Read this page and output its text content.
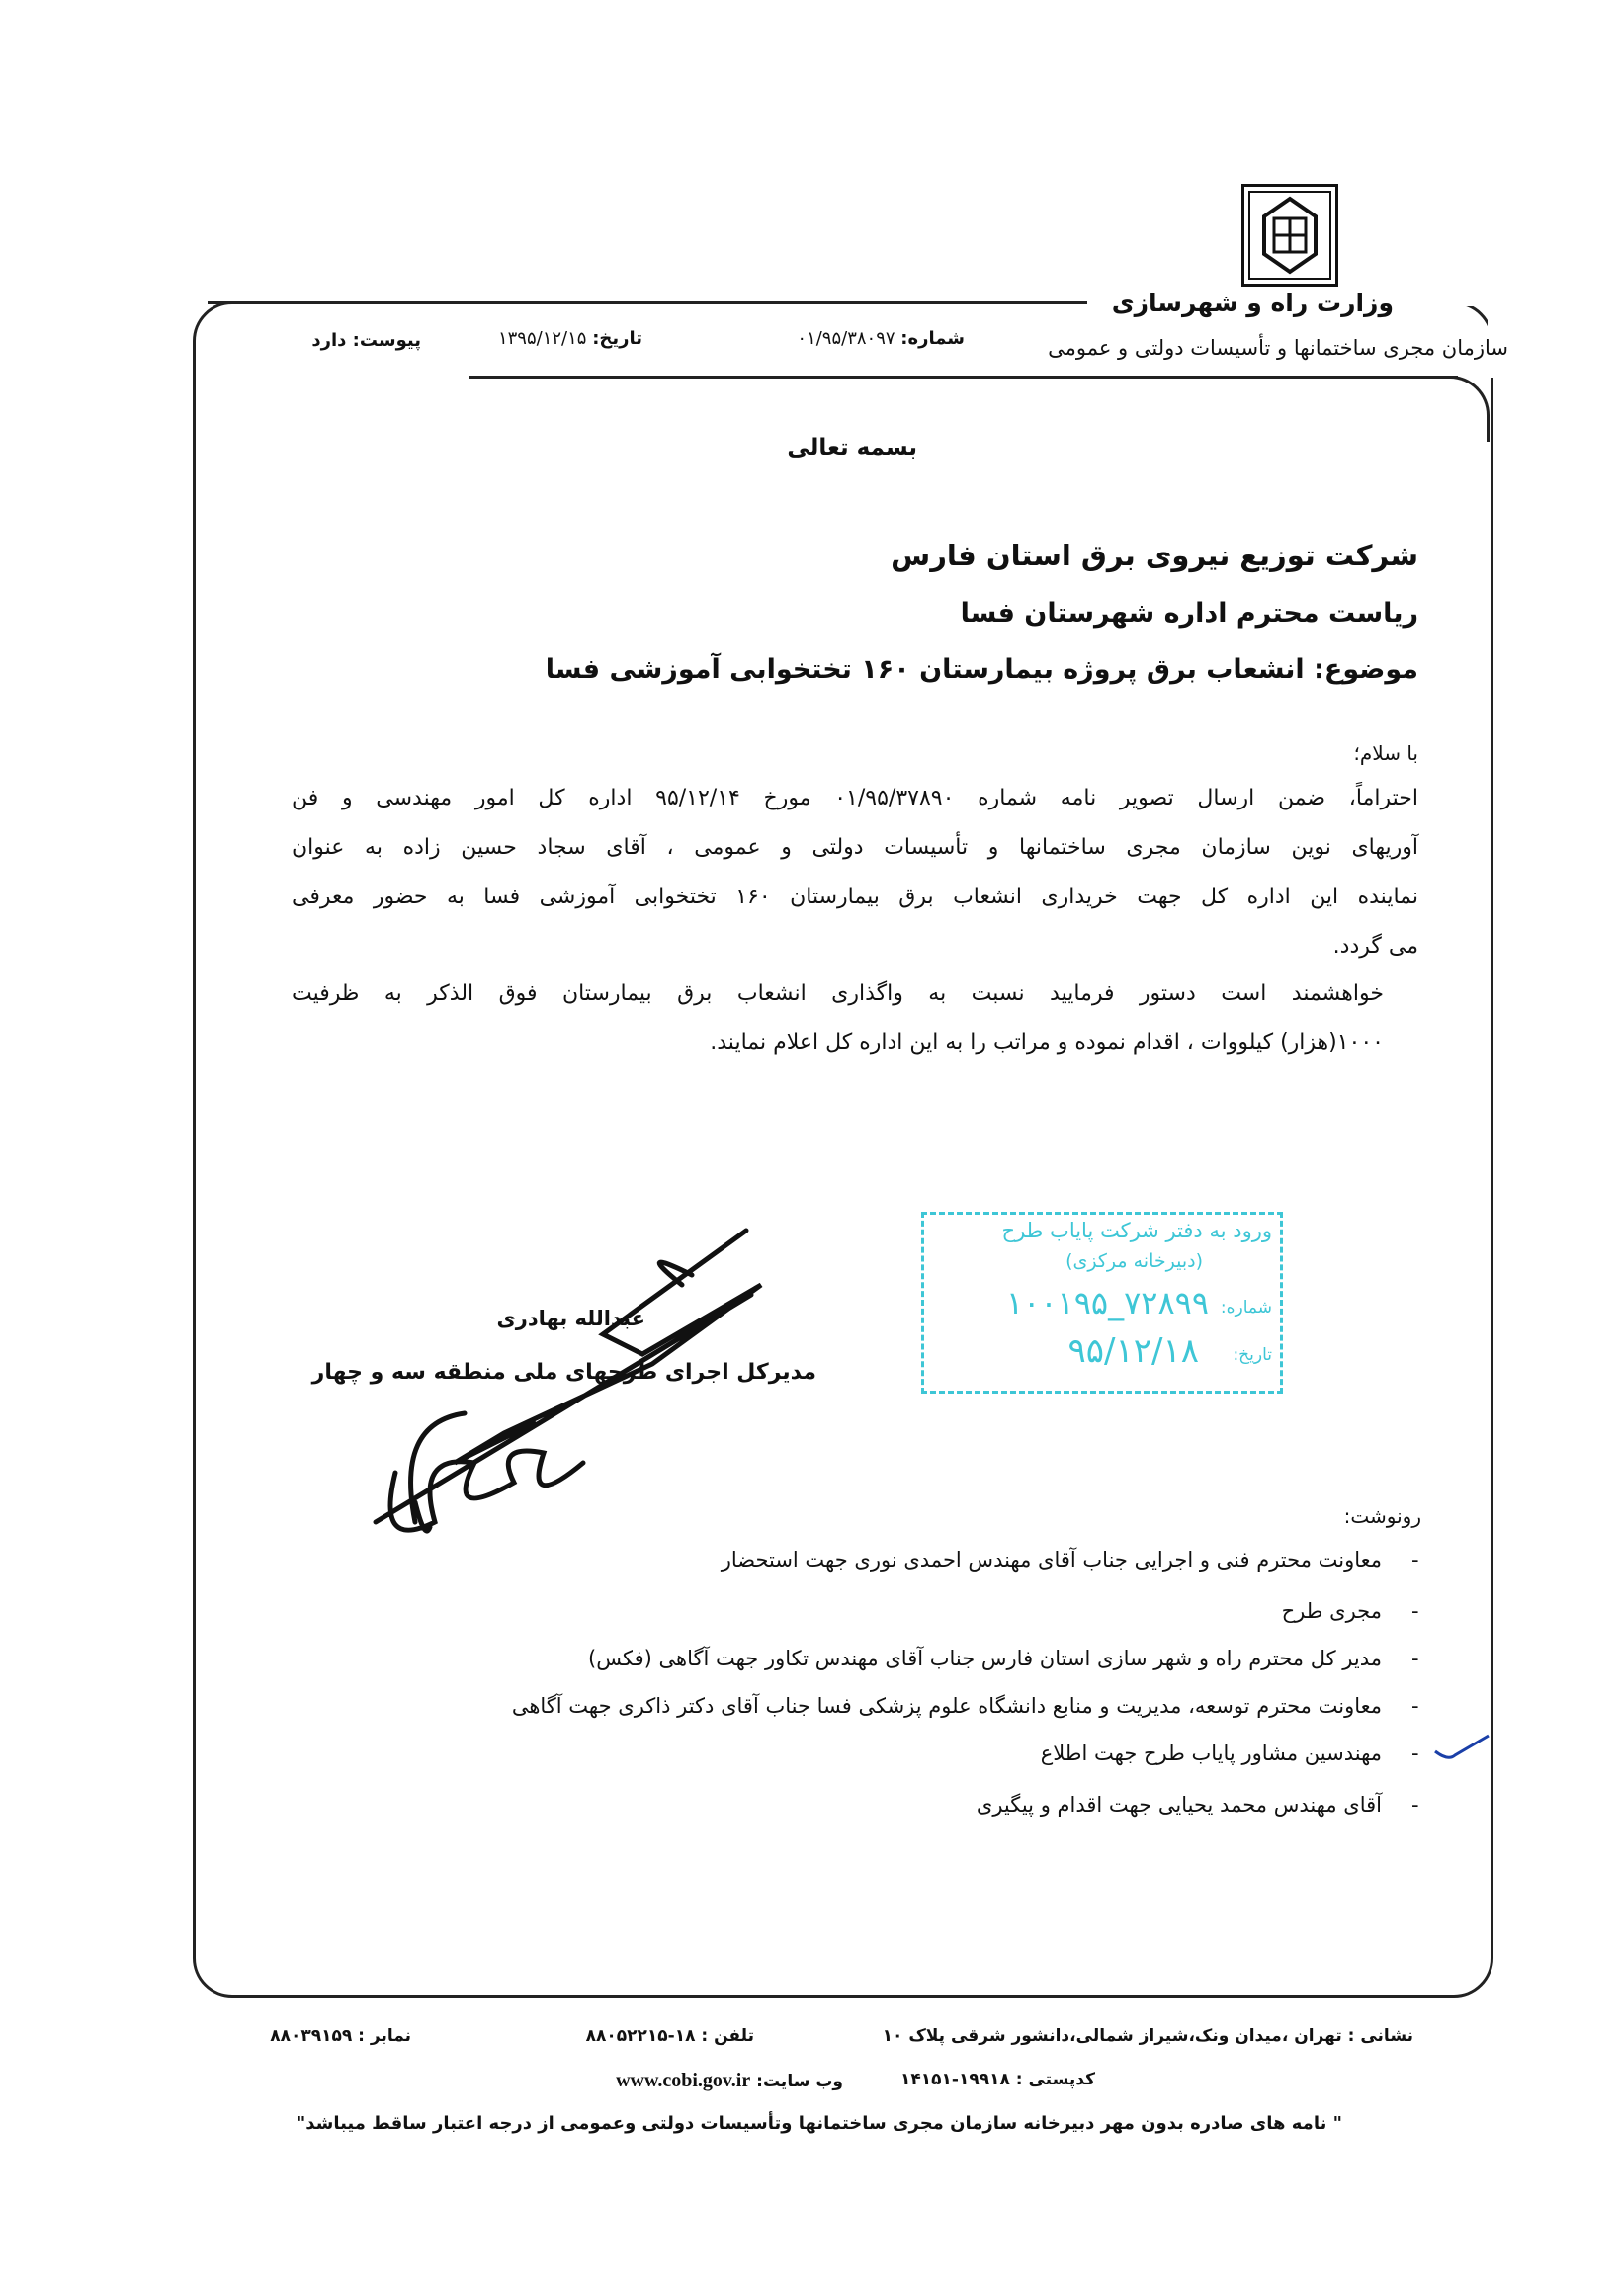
وزارت راه و شهرسازی
سازمان مجری ساختمانها و تأسیسات دولتی و عمومی
شماره: ۰۱/۹۵/۳۸۰۹۷
تاریخ: ۱۳۹۵/۱۲/۱۵
پیوست: دارد
بسمه تعالی
شرکت توزیع نیروی برق استان فارس
ریاست محترم اداره شهرستان فسا
موضوع: انشعاب برق پروژه بیمارستان ۱۶۰ تختخوابی آموزشی فسا
با سلام؛
احتراماً، ضمن ارسال تصویر نامه شماره ۰۱/۹۵/۳۷۸۹۰ مورخ ۹۵/۱۲/۱۴ اداره کل امور مهندسی و فن
آوریهای نوین سازمان مجری ساختمانها و تأسیسات دولتی و عمومی ، آقای سجاد حسین زاده به عنوان
نماینده این اداره کل جهت خریداری انشعاب برق بیمارستان ۱۶۰ تختخوابی آموزشی فسا به حضور معرفی
می گردد.
خواهشمند است دستور فرمایید نسبت به واگذاری انشعاب برق بیمارستان فوق الذکر به ظرفیت
۱۰۰۰(هزار) کیلووات ، اقدام نموده و مراتب را به این اداره کل اعلام نمایند.
ورود به دفتر شرکت پایاب طرح
(دبیرخانه مرکزی)
شماره:
۱۰۰۱۹۵_۷۲۸۹۹
تاریخ:
۹۵/۱۲/۱۸
عبدالله بهادری
مدیرکل اجرای طرحهای ملی منطقه سه و چهار
رونوشت:
-
معاونت محترم فنی و اجرایی جناب آقای مهندس احمدی نوری جهت استحضار
-
مجری طرح
-
مدیر کل محترم راه و شهر سازی استان فارس جناب آقای مهندس تکاور جهت آگاهی (فکس)
-
معاونت محترم توسعه، مدیریت و منابع دانشگاه علوم پزشکی فسا جناب آقای دکتر ذاکری جهت آگاهی
-
مهندسین مشاور پایاب طرح جهت اطلاع
-
آقای مهندس محمد یحیایی جهت اقدام و پیگیری
نشانی : تهران ،میدان ونک،شیراز شمالی،دانشور شرقی پلاک ۱۰
تلفن : ۱۸-۸۸۰۵۲۲۱۵
نمابر : ۸۸۰۳۹۱۵۹
کدپستی : ۱۹۹۱۸-۱۴۱۵۱
وب سایت: www.cobi.gov.ir
" نامه های صادره بدون مهر دبیرخانه سازمان مجری ساختمانها وتأسیسات دولتی وعمومی از درجه اعتبار ساقط میباشد"
